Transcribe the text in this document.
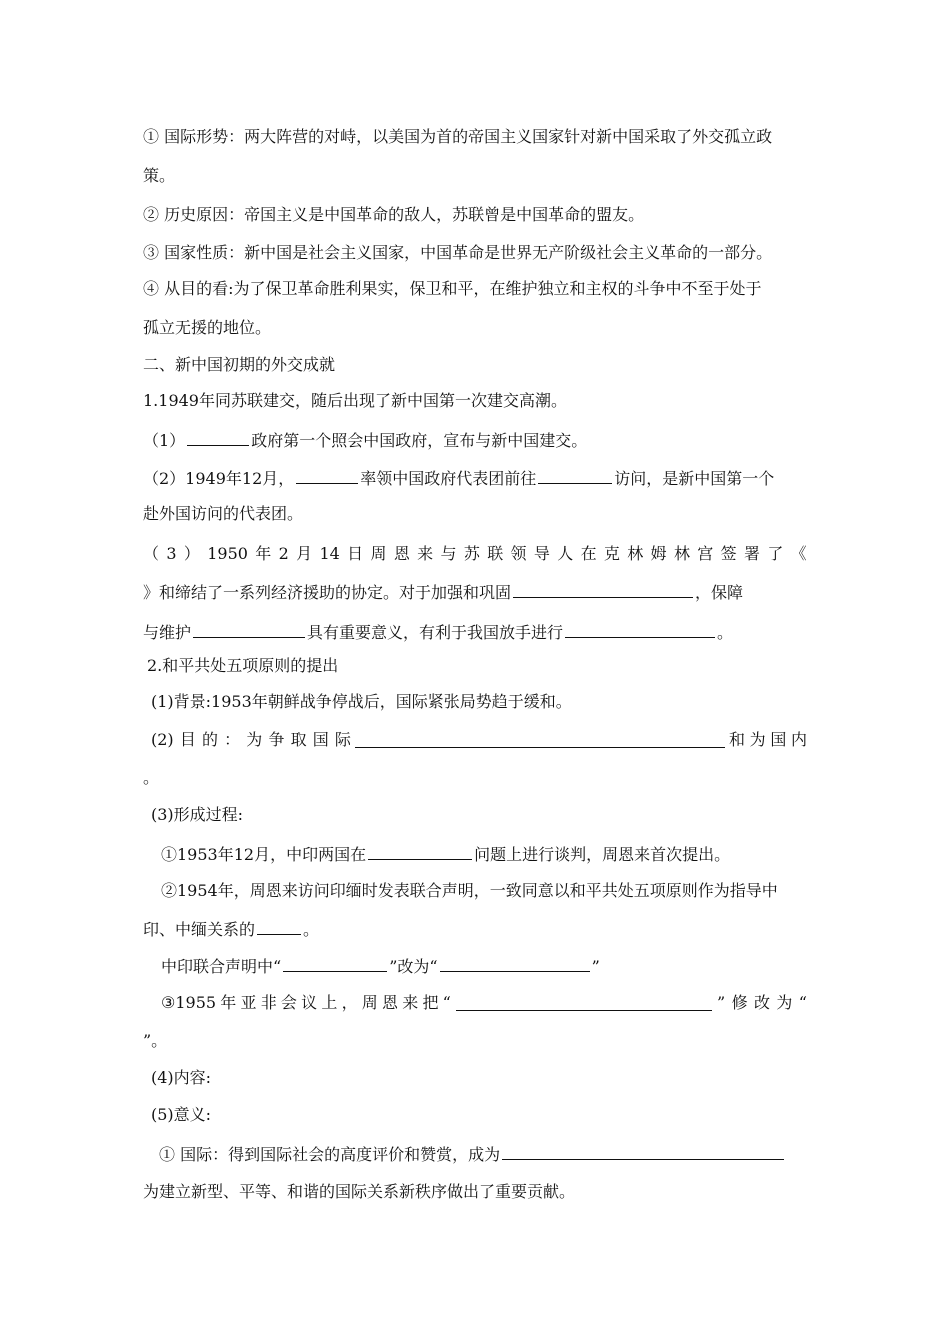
① 国际形势：两大阵营的对峙，以美国为首的帝国主义国家针对新中国采取了外交孤立政
策。
② 历史原因：帝国主义是中国革命的敌人，苏联曾是中国革命的盟友。
③ 国家性质：新中国是社会主义国家，中国革命是世界无产阶级社会主义革命的一部分。
④ 从目的看:为了保卫革命胜利果实，保卫和平，在维护独立和主权的斗争中不至于处于
孤立无援的地位。
二、新中国初期的外交成就
1.1949年同苏联建交，随后出现了新中国第一次建交高潮。
（1）	政府第一个照会中国政府，宣布与新中国建交。
（2）1949年12月，	率领中国政府代表团前往	访问，是新中国第一个
赴外国访问的代表团。
（ 3 ） 1950 年 2 月 14 日 周 恩 来 与 苏 联 领 导 人 在 克 林 姆 林 宫 签 署 了 《
》和缔结了一系列经济援助的协定。对于加强和巩固	，保障
与维护	具有重要意义，有利于我国放手进行	。
2.和平共处五项原则的提出
(1)背景:1953年朝鲜战争停战后，国际紧张局势趋于缓和。
(2) 目 的 ： 为 争 取 国 际	和 为 国 内
。
(3)形成过程:
①1953年12月，中印两国在	问题上进行谈判，周恩来首次提出。
②1954年，周恩来访问印缅时发表联合声明，一致同意以和平共处五项原则作为指导中
印、中缅关系的	。
中印联合声明中“	”改为“	”
③1955 年 亚 非 会 议 上 ， 周 恩 来 把 “	” 修 改 为 “
”。
(4)内容:
(5)意义:
① 国际：得到国际社会的高度评价和赞赏，成为
为建立新型、平等、和谐的国际关系新秩序做出了重要贡献。
